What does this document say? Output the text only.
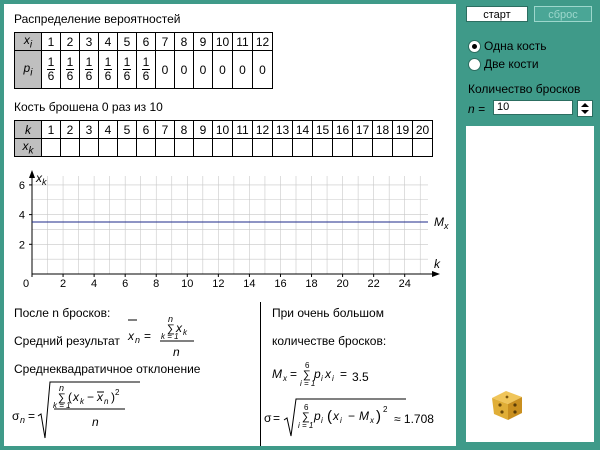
Распределение вероятностей
$x_i$	1	2	3	4	5	6	7	8	9	10	11	12
$p_i$	$\frac{1}{6}$	$\frac{1}{6}$	$\frac{1}{6}$	$\frac{1}{6}$	$\frac{1}{6}$	$\frac{1}{6}$	0	0	0	0	0	0
Кость брошена 0 раз из 10
k	1	2	3	4	5	6	7	8	9	10	11	12	13	14	15	16	17	18	19	20
$x_k$																				
0	2 4 6 8 10 12 14 16 18 20 22 24
2
4
6
$M_x$
$x_k$
k
После n бросков:
Средний результат x n =
n
∑
k = 1
x k
n
Среднеквадратичное отклонение
σ n =
n
∑
k = 1
( x k − x n ) 2
n
При очень большом
количестве бросков:
M x =
6
∑
i = 1
p i x i = 3.5
σ =
6
∑
i = 1
p i ( x i − M x ) 2
≈ 1.708
старт	сброс
Одна кость
Две кости
Количество бросков
n =	10
